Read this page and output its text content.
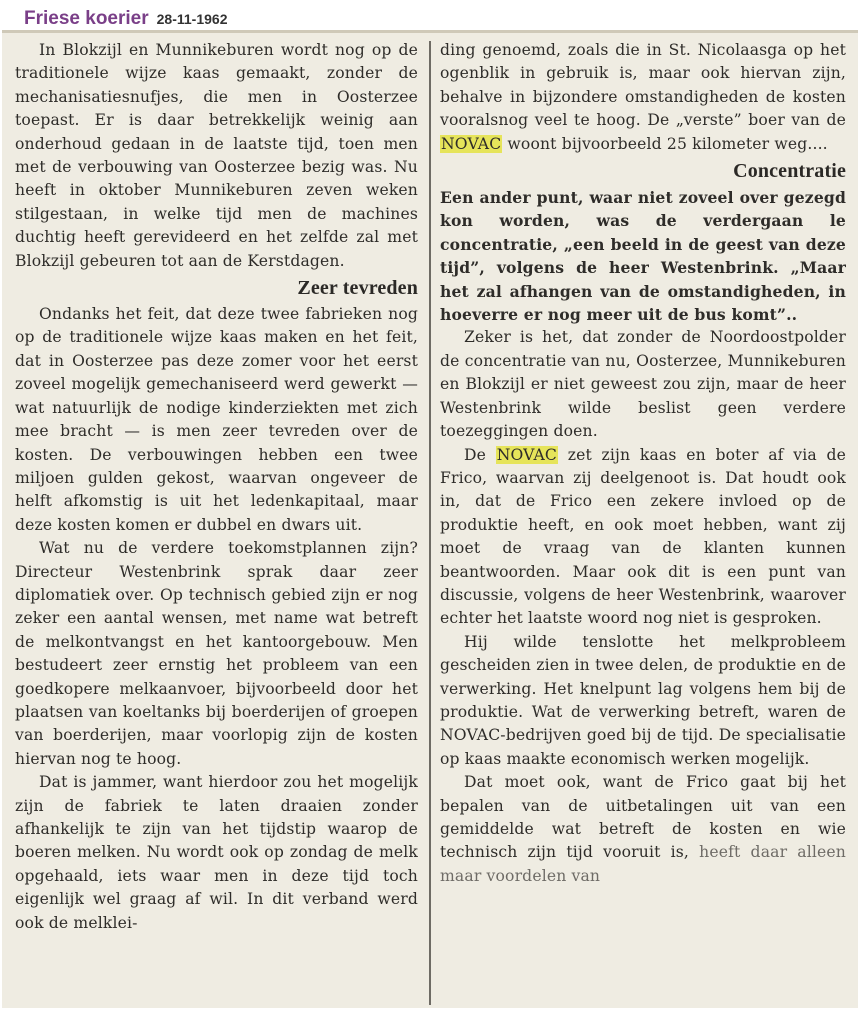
Friese koerier 28-11-1962

In Blokzijl en Munnikeburen wordt nog op de traditionele wijze kaas gemaakt, zonder de mechanisatiesnufjes, die men in Oosterzee toepast. Er is daar betrekkelijk weinig aan onderhoud gedaan in de laatste tijd, toen men met de verbouwing van Oosterzee bezig was. Nu heeft in oktober Munnikeburen zeven weken stilgestaan, in welke tijd men de machines duchtig heeft gerevideerd en het zelfde zal met Blokzijl gebeuren tot aan de Kerstdagen.

Zeer tevreden

Ondanks het feit, dat deze twee fabrieken nog op de traditionele wijze kaas maken en het feit, dat in Oosterzee pas deze zomer voor het eerst zoveel mogelijk gemechaniseerd werd gewerkt — wat natuurlijk de nodige kinderziekten met zich mee bracht — is men zeer tevreden over de kosten. De verbouwingen hebben een twee miljoen gulden gekost, waarvan ongeveer de helft afkomstig is uit het ledenkapitaal, maar deze kosten komen er dubbel en dwars uit.

Wat nu de verdere toekomstplannen zijn? Directeur Westenbrink sprak daar zeer diplomatiek over. Op technisch gebied zijn er nog zeker een aantal wensen, met name wat betreft de melkontvangst en het kantoorgebouw. Men bestudeert zeer ernstig het probleem van een goedkopere melkaanvoer, bijvoorbeeld door het plaatsen van koeltanks bij boerderijen of groepen van boerderijen, maar voorlopig zijn de kosten hiervan nog te hoog.

Dat is jammer, want hierdoor zou het mogelijk zijn de fabriek te laten draaien zonder afhankelijk te zijn van het tijdstip waarop de boeren melken. Nu wordt ook op zondag de melk opgehaald, iets waar men in deze tijd toch eigenlijk wel graag af wil. In dit verband werd ook de melklei-

ding genoemd, zoals die in St. Nicolaasga op het ogenblik in gebruik is, maar ook hiervan zijn, behalve in bijzondere omstandigheden de kosten vooralsnog veel te hoog. De „verste” boer van de NOVAC woont bijvoorbeeld 25 kilometer weg....

Concentratie

Een ander punt, waar niet zoveel over gezegd kon worden, was de verdergaan le concentratie, „een beeld in de geest van deze tijd”, volgens de heer Westenbrink. „Maar het zal afhangen van de omstandigheden, in hoeverre er nog meer uit de bus komt”..

Zeker is het, dat zonder de Noordoostpolder de concentratie van nu, Oosterzee, Munnikeburen en Blokzijl er niet geweest zou zijn, maar de heer Westenbrink wilde beslist geen verdere toezeggingen doen.

De NOVAC zet zijn kaas en boter af via de Frico, waarvan zij deelgenoot is. Dat houdt ook in, dat de Frico een zekere invloed op de produktie heeft, en ook moet hebben, want zij moet de vraag van de klanten kunnen beantwoorden. Maar ook dit is een punt van discussie, volgens de heer Westenbrink, waarover echter het laatste woord nog niet is gesproken.

Hij wilde tenslotte het melkprobleem gescheiden zien in twee delen, de produktie en de verwerking. Het knelpunt lag volgens hem bij de produktie. Wat de verwerking betreft, waren de NOVAC-bedrijven goed bij de tijd. De specialisatie op kaas maakte economisch werken mogelijk.

Dat moet ook, want de Frico gaat bij het bepalen van de uitbetalingen uit van een gemiddelde wat betreft de kosten en wie technisch zijn tijd vooruit is, heeft daar alleen maar voordelen van
